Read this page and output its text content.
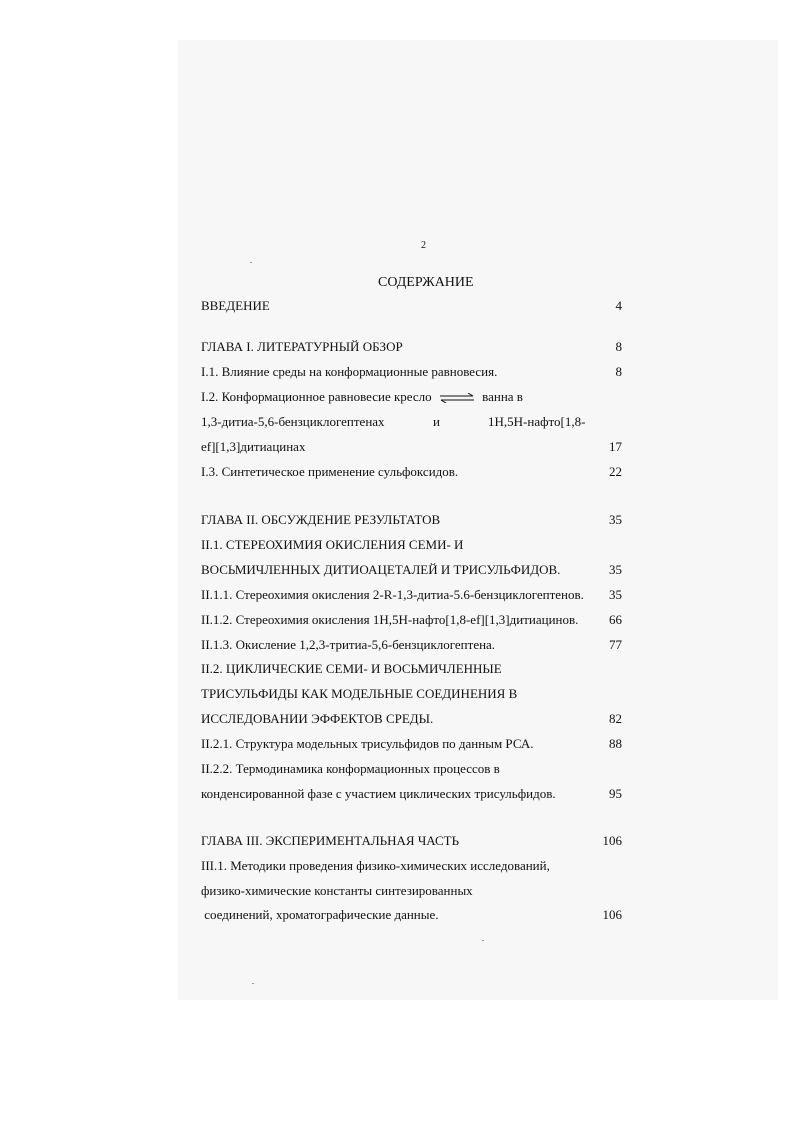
2
СОДЕРЖАНИЕ
ВВЕДЕНИЕ	4
ГЛАВА I. ЛИТЕРАТУРНЫЙ ОБЗОР	8
I.1. Влияние среды на конформационные равновесия.	8
I.2. Конформационное равновесие кресло ⇌ ванна в
1,3-дитиа-5,6-бензциклогептенах	и	1Н,5Н-нафто[1,8-
ef][1,3]дитиацинах	17
I.3. Синтетическое применение сульфоксидов.	22
ГЛАВА II. ОБСУЖДЕНИЕ РЕЗУЛЬТАТОВ	35
II.1. СТЕРЕОХИМИЯ ОКИСЛЕНИЯ СЕМИ- И
ВОСЬМИЧЛЕННЫХ ДИТИОАЦЕТАЛЕЙ И ТРИСУЛЬФИДОВ.	35
II.1.1. Стереохимия окисления 2-R-1,3-дитиа-5.6-бензциклогептенов. 35
II.1.2. Стереохимия окисления 1Н,5Н-нафто[1,8-ef][1,3]дитиацинов. 66
II.1.3. Окисление 1,2,3-тритиа-5,6-бензциклогептена.	77
II.2. ЦИКЛИЧЕСКИЕ СЕМИ- И ВОСЬМИЧЛЕННЫЕ
ТРИСУЛЬФИДЫ КАК МОДЕЛЬНЫЕ СОЕДИНЕНИЯ В
ИССЛЕДОВАНИИ ЭФФЕКТОВ СРЕДЫ.	82
II.2.1. Структура модельных трисульфидов по данным РСА.	88
II.2.2. Термодинамика конформационных процессов в
конденсированной фазе с участием циклических трисульфидов.	95
ГЛАВА III. ЭКСПЕРИМЕНТАЛЬНАЯ ЧАСТЬ	106
III.1. Методики проведения физико-химических исследований,
физико-химические константы синтезированных
соединений, хроматографические данные.	106
